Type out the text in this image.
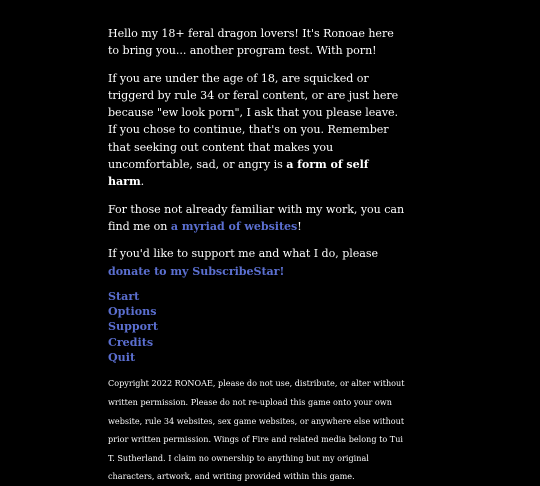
Hello my 18+ feral dragon lovers! It's Ronoae here to bring you... another program test. With porn!

If you are under the age of 18, are squicked or triggerd by rule 34 or feral content, or are just here because "ew look porn", I ask that you please leave. If you chose to continue, that's on you. Remember that seeking out content that makes you uncomfortable, sad, or angry is a form of self harm.

For those not already familiar with my work, you can find me on a myriad of websites!

If you'd like to support me and what I do, please donate to my SubscribeStar!

Start
Options
Support
Credits
Quit

Copyright 2022 RONOAE, please do not use, distribute, or alter without written permission. Please do not re-upload this game onto your own website, rule 34 websites, sex game websites, or anywhere else without prior written permission. Wings of Fire and related media belong to Tui T. Sutherland. I claim no ownership to anything but my original characters, artwork, and writing provided within this game.
